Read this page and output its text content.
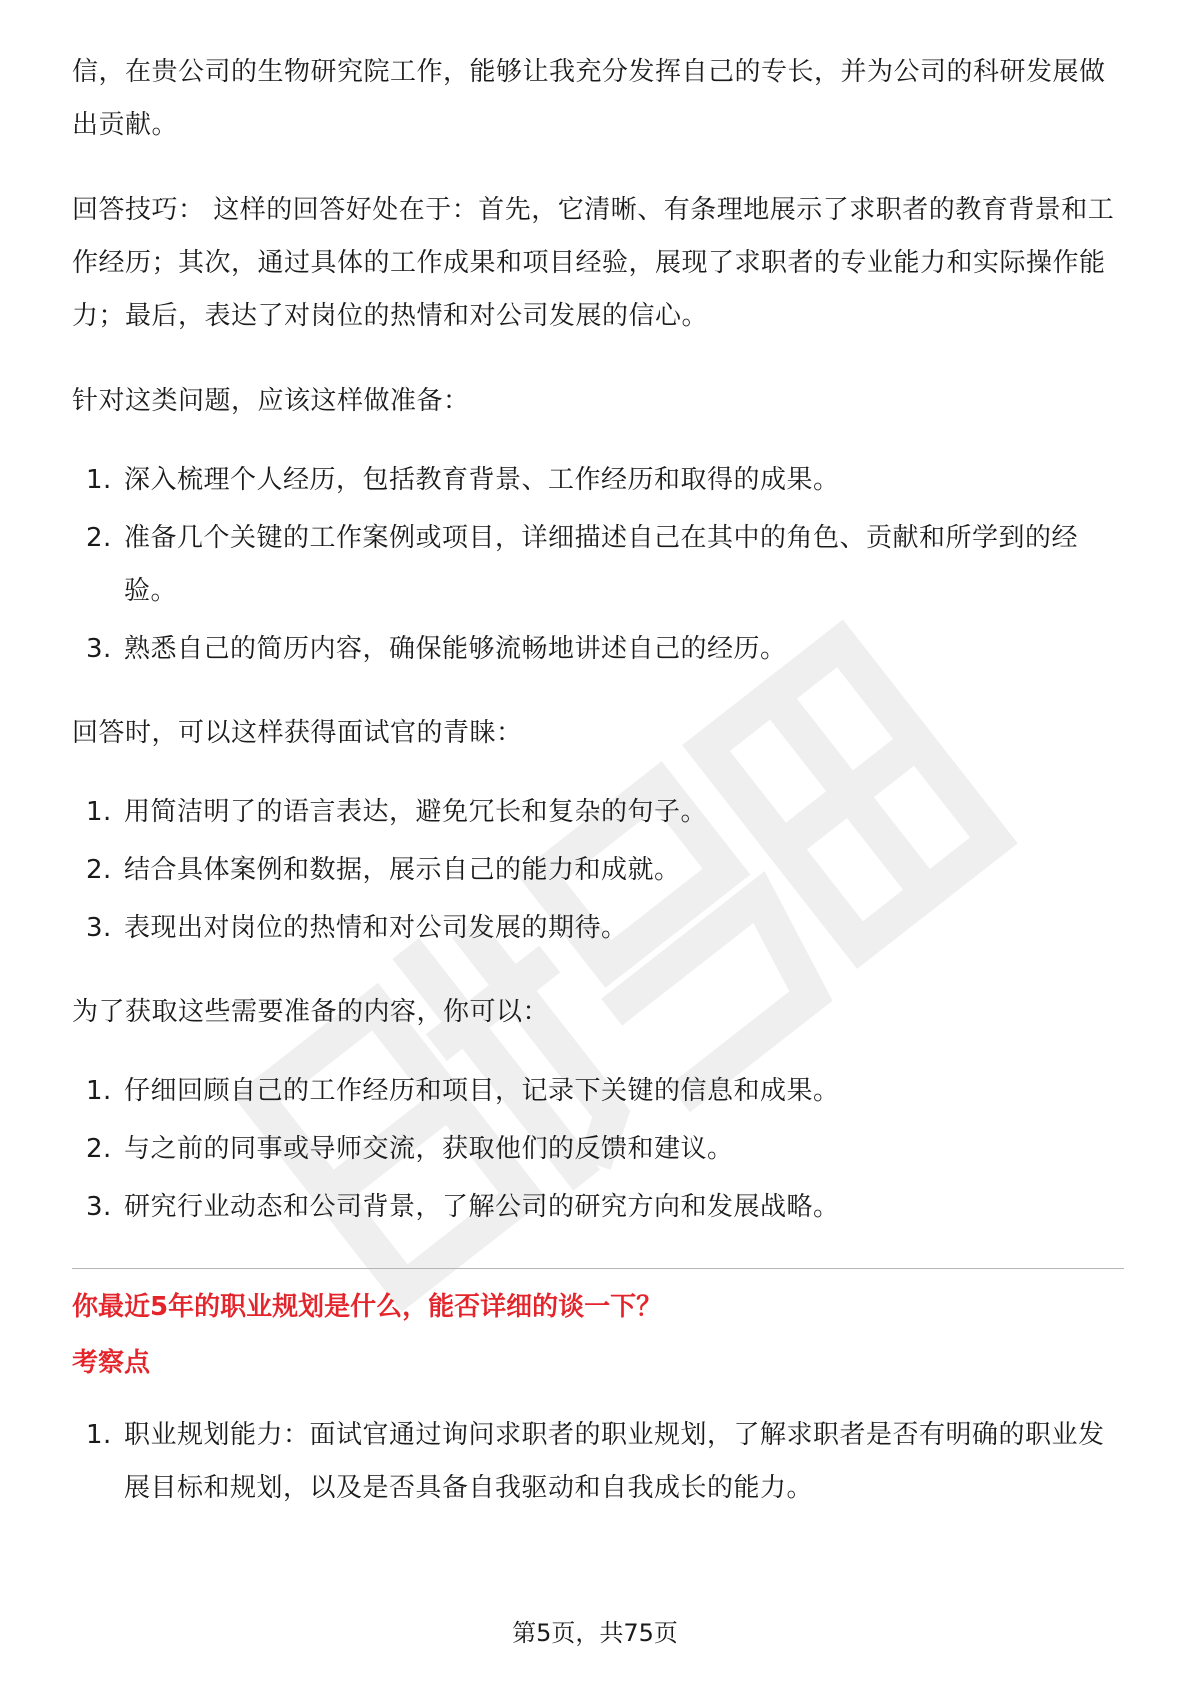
信，在贵公司的生物研究院工作，能够让我充分发挥自己的专长，并为公司的科研发展做出贡献。

回答技巧： 这样的回答好处在于：首先，它清晰、有条理地展示了求职者的教育背景和工作经历；其次，通过具体的工作成果和项目经验，展现了求职者的专业能力和实际操作能力；最后，表达了对岗位的热情和对公司发展的信心。

针对这类问题，应该这样做准备：

1. 深入梳理个人经历，包括教育背景、工作经历和取得的成果。
2. 准备几个关键的工作案例或项目，详细描述自己在其中的角色、贡献和所学到的经验。
3. 熟悉自己的简历内容，确保能够流畅地讲述自己的经历。

回答时，可以这样获得面试官的青睐：

1. 用简洁明了的语言表达，避免冗长和复杂的句子。
2. 结合具体案例和数据，展示自己的能力和成就。
3. 表现出对岗位的热情和对公司发展的期待。

为了获取这些需要准备的内容，你可以：

1. 仔细回顾自己的工作经历和项目，记录下关键的信息和成果。
2. 与之前的同事或导师交流，获取他们的反馈和建议。
3. 研究行业动态和公司背景，了解公司的研究方向和发展战略。

你最近5年的职业规划是什么，能否详细的谈一下？

考察点

1. 职业规划能力：面试官通过询问求职者的职业规划，了解求职者是否有明确的职业发展目标和规划，以及是否具备自我驱动和自我成长的能力。
第5页，共75页
